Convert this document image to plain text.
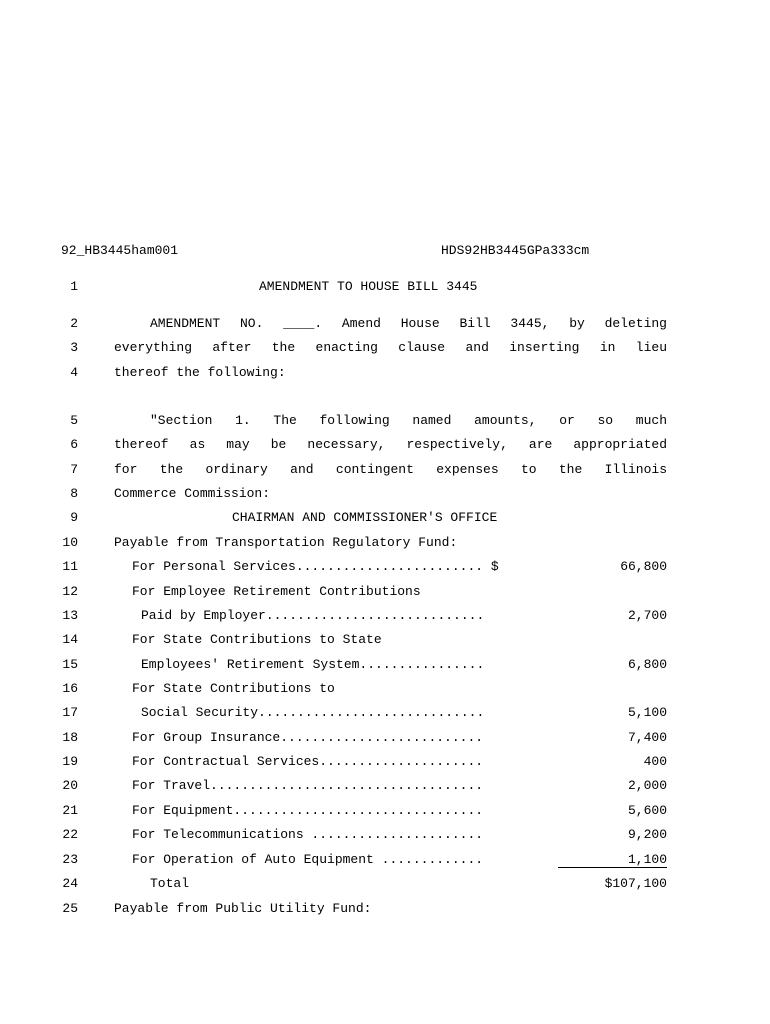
92_HB3445ham001	HDS92HB3445GPa333cm
1	AMENDMENT TO HOUSE BILL 3445
2	AMENDMENT NO. ____. Amend House Bill 3445, by deleting
3	everything after the enacting clause and inserting in lieu
4	thereof the following:
5	"Section 1. The following named amounts, or so much
6	thereof as may be necessary, respectively, are appropriated
7	for the ordinary and contingent expenses to the Illinois
8	Commerce Commission:
9	CHAIRMAN AND COMMISSIONER'S OFFICE
10	Payable from Transportation Regulatory Fund:
11	For Personal Services........................ $	66,800
12	For Employee Retirement Contributions
13	Paid by Employer............................	2,700
14	For State Contributions to State
15	Employees' Retirement System................	6,800
16	For State Contributions to
17	Social Security.............................	5,100
18	For Group Insurance..........................	7,400
19	For Contractual Services.....................	400
20	For Travel...................................	2,000
21	For Equipment................................	5,600
22	For Telecommunications ......................	9,200
23	For Operation of Auto Equipment .............	1,100
24	Total	$107,100
25	Payable from Public Utility Fund:
